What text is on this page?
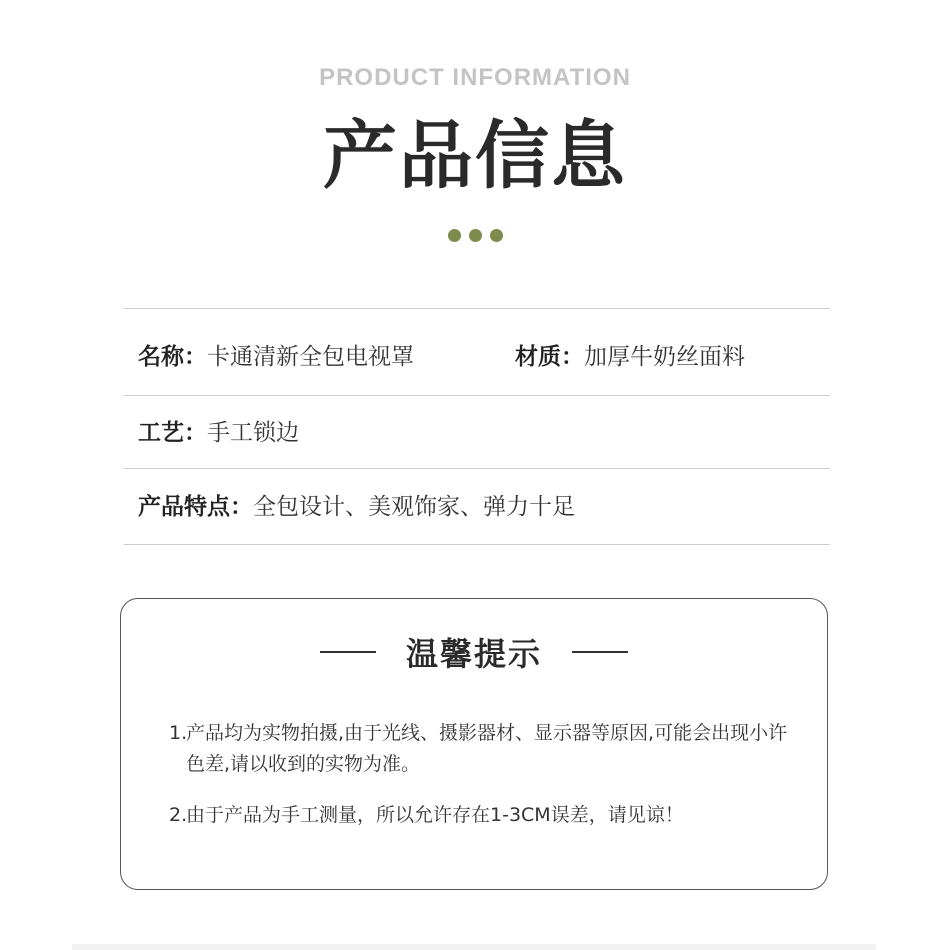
PRODUCT INFORMATION
产品信息
名称：卡通清新全包电视罩	材质：加厚牛奶丝面料
工艺：手工锁边
产品特点：全包设计、美观饰家、弹力十足
温馨提示
1.
产品均为实物拍摄,由于光线、摄影器材、显示器等原因,可能会出现小许色差,请以收到的实物为准。
2.
由于产品为手工测量，所以允许存在1-3CM误差，请见谅！
